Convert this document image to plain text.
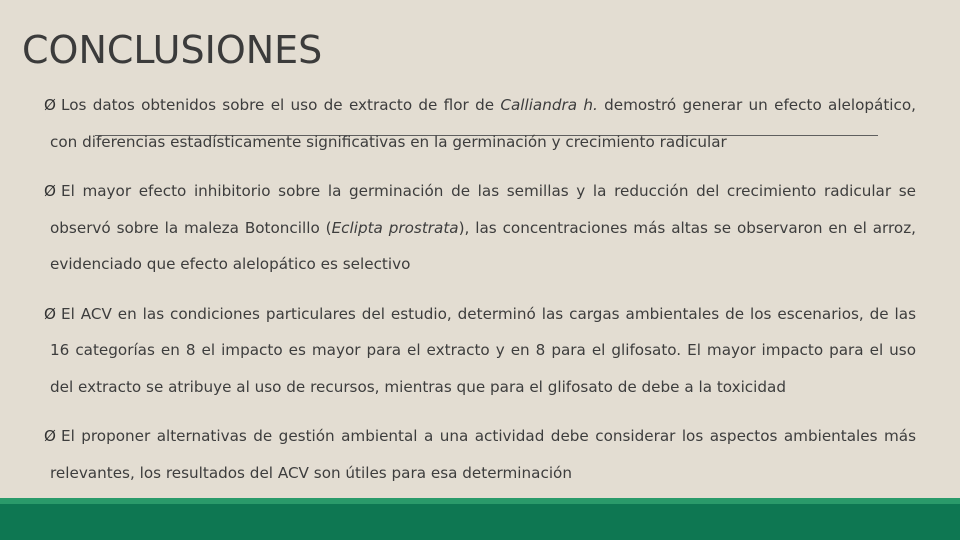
CONCLUSIONES
Ø Los datos obtenidos sobre el uso de extracto de flor de Calliandra h. demostró generar un efecto alelopático, con diferencias estadísticamente significativas en la germinación y crecimiento radicular
Ø El mayor efecto inhibitorio sobre la germinación de las semillas y la reducción del crecimiento radicular se observó sobre la maleza Botoncillo (Eclipta prostrata), las concentraciones más altas se observaron en el arroz, evidenciado que efecto alelopático es selectivo
Ø El ACV en las condiciones particulares del estudio, determinó las cargas ambientales de los escenarios, de las 16 categorías en 8 el impacto es mayor para el extracto y en 8 para el glifosato. El mayor impacto para el uso del extracto se atribuye al uso de recursos, mientras que para el glifosato de debe a la toxicidad
Ø El proponer alternativas de gestión ambiental a una actividad debe considerar los aspectos ambientales más relevantes, los resultados del ACV son útiles para esa determinación
